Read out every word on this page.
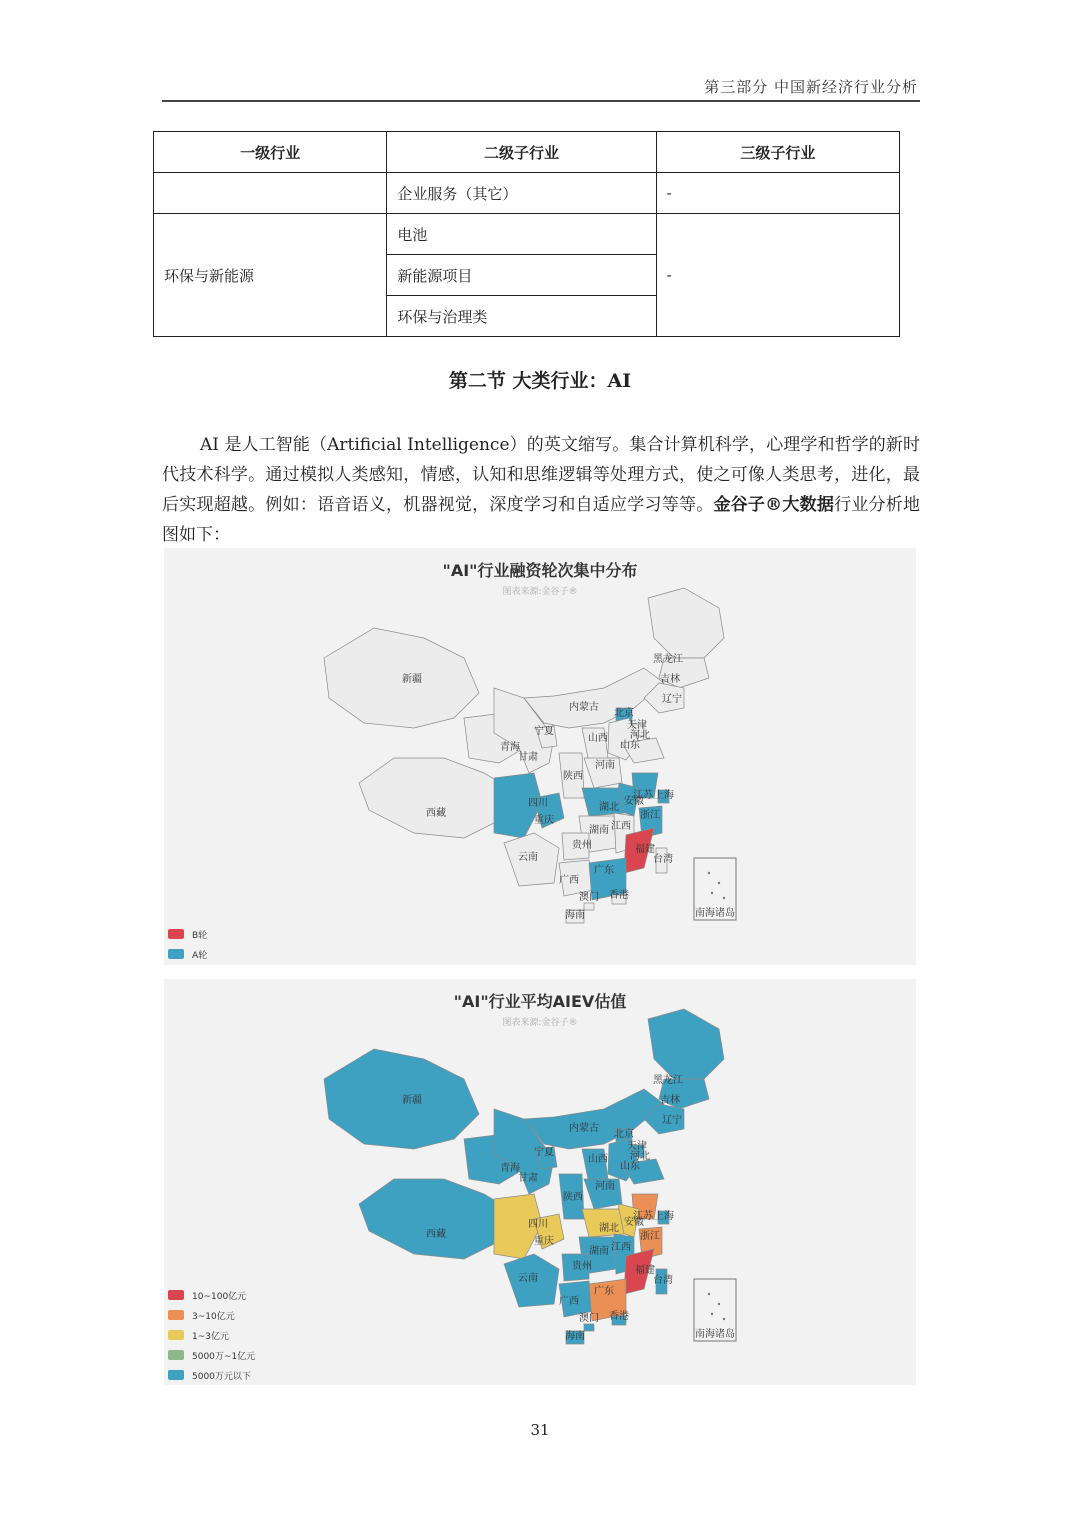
第三部分 中国新经济行业分析
一级行业	二级子行业	三级子行业
	企业服务（其它）	-
环保与新能源	电池	-
	新能源项目	
	环保与治理类	
第二节 大类行业：AI

AI 是人工智能（Artificial Intelligence）的英文缩写。集合计算机科学，心理学和哲学的新时代技术科学。通过模拟人类感知，情感，认知和思维逻辑等处理方式，使之可像人类思考，进化，最后实现超越。例如：语音语义，机器视觉，深度学习和自适应学习等等。金谷子®大数据行业分析地图如下：

新疆
西藏
青海
甘肃
宁夏
内蒙古
黑龙江
吉林
辽宁
北京
天津
河北
山西
山东
陕西
河南
江苏
安徽
上海
湖北
四川
重庆	浙江
湖南 江西
贵州
云南
福建
台湾
广西
广东
澳门 香港
海南	南海诸岛
"AI"行业融资轮次集中分布
图表来源:金谷子®
B轮
A轮
新疆
西藏
青海
甘肃
宁夏
内蒙古
黑龙江
吉林
辽宁
北京
天津
河北
山西
山东
陕西
河南
江苏
安徽
上海
湖北
四川
重庆	浙江
湖南 江西
贵州
云南
福建
台湾
广西
广东
澳门 香港
海南	南海诸岛
"AI"行业平均AIEV估值
图表来源:金谷子®
10~100亿元
3~10亿元
1~3亿元
5000万~1亿元
5000万元以下
31
